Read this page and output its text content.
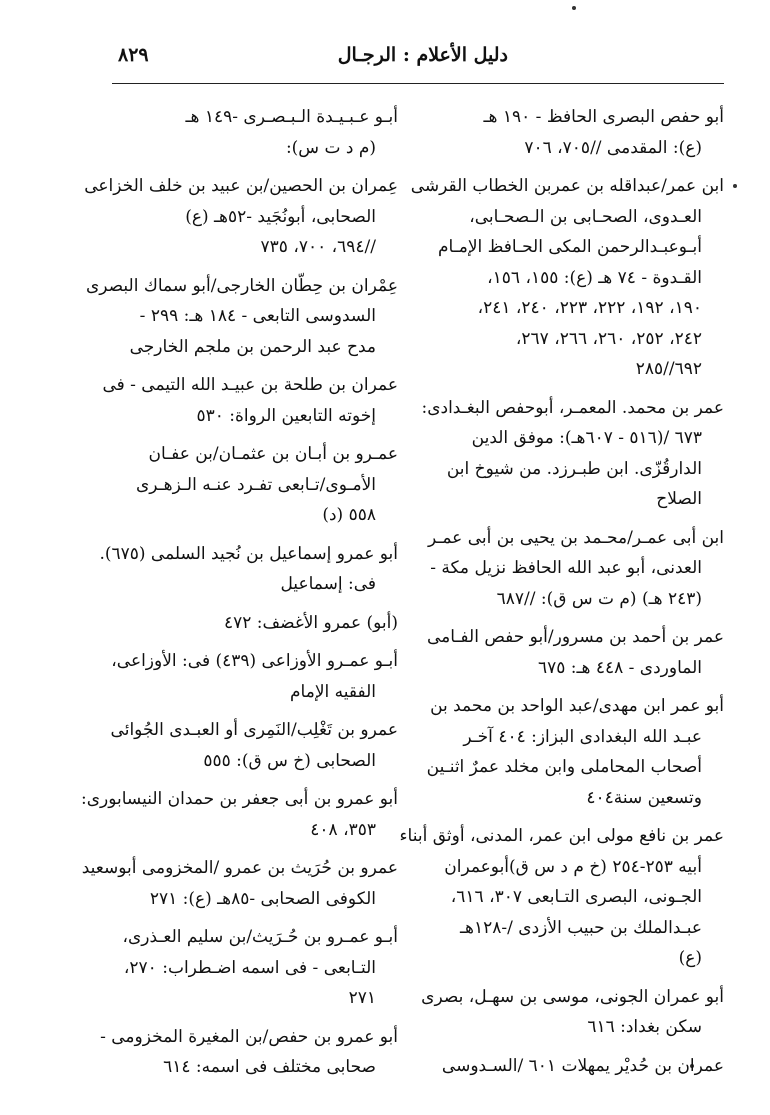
٨٢٩	دليل الأعلام : الرجـال
أبو حفص البصرى الحافظ - ١٩٠ هـ
(ع): المقدمى //٧٠٥، ٧٠٦
ابن عمر/عبداقله بن عمربن الخطاب القرشى
العـدوى، الصحـابى بن الـصحـابى،
أبـوعبـدالرحمن المكى الحـافظ الإمـام
القـدوة - ٧٤ هـ (ع): ١٥٥، ١٥٦،
١٩٠، ١٩٢، ٢٢٢، ٢٢٣، ٢٤٠، ٢٤١،
٢٤٢، ٢٥٢، ٢٦٠، ٢٦٦، ٢٦٧،
٦٩٢//٢٨٥
عمر بن محمد. المعمـر، أبوحفص البغـدادى:
٦٧٣ /(٥١٦ - ٦٠٧هـ): موفق الدين
الدارقُزّى. ابن طبـرزد. من شيوخ ابن
الصلاح
ابن أبى عمـر/محـمد بن يحيى بن أبى عمـر
العدنى، أبو عبد الله الحافظ نزيل مكة -
(٢٤٣ هـ) (م ت س ق): //٦٨٧
عمر بن أحمد بن مسرور/أبو حفص الفـامى
الماوردى - ٤٤٨ هـ: ٦٧٥
أبو عمر ابن مهدى/عبد الواحد بن محمد بن
عبـد الله البغدادى البزاز: ٤٠٤ آخـر
أصحاب المحاملى وابن مخلد عمرٌ اثنـين
وتسعين سنة٤٠٤
عمر بن نافع مولى ابن عمر، المدنى، أوثق أبناء
أبيه ٢٥٣-٢٥٤ (خ م د س ق)أبوعمران
الجـونى، البصرى التـابعى ٣٠٧، ٦١٦،
عبـدالملك بن حبيب الأزدى /-١٢٨هـ
(ع)
أبو عمران الجونى، موسى بن سهـل، بصرى
سكن بغداد: ٦١٦
عمران بن حُديْر يمهلات ٦٠١ /السـدوسى
أبـو عـبـيـدة الـبـصـرى -١٤٩ هـ
(م د ت س):
عِمران بن الحصين/بن عبيد بن خلف الخزاعى
الصحابى، أبونُجَيد -٥٢هـ (ع)
//٦٩٤، ٧٠٠، ٧٣٥
عِمْران بن حِطّان الخارجى/أبو سماك البصرى
السدوسى التابعى - ١٨٤ هـ: ٢٩٩ -
مدح عبد الرحمن بن ملجم الخارجى
عمران بن طلحة بن عبيـد الله التيمى - فى
إخوته التابعين الرواة: ٥٣٠
عمـرو بن أبـان بن عثمـان/بن عفـان
الأمـوى/تـابعى تفـرد عنـه الـزهـرى
٥٥٨ (د)
أبو عمرو إسماعيل بن نُجيد السلمى (٦٧٥).
فى: إسماعيل
(أبو) عمرو الأغضف: ٤٧٢
أبـو عمـرو الأوزاعى (٤٣٩) فى: الأوزاعى،
الفقيه الإمام
عمرو بن تَغْلِب/النَمِرى أو العبـدى الجُوائى
الصحابى (خ س ق): ٥٥٥
أبو عمرو بن أبى جعفر بن حمدان النيسابورى:
٣٥٣، ٤٠٨
عمرو بن حُرَيث بن عمرو /المخزومى أبوسعيد
الكوفى الصحابى -٨٥هـ (ع): ٢٧١
أبـو عمـرو بن حُـرَيث/بن سليم العـذرى،
التـابعى - فى اسمه اضـطراب: ٢٧٠،
٢٧١
أبو عمرو بن حفص/بن المغيرة المخزومى -
صحابى مختلف فى اسمه: ٦١٤
